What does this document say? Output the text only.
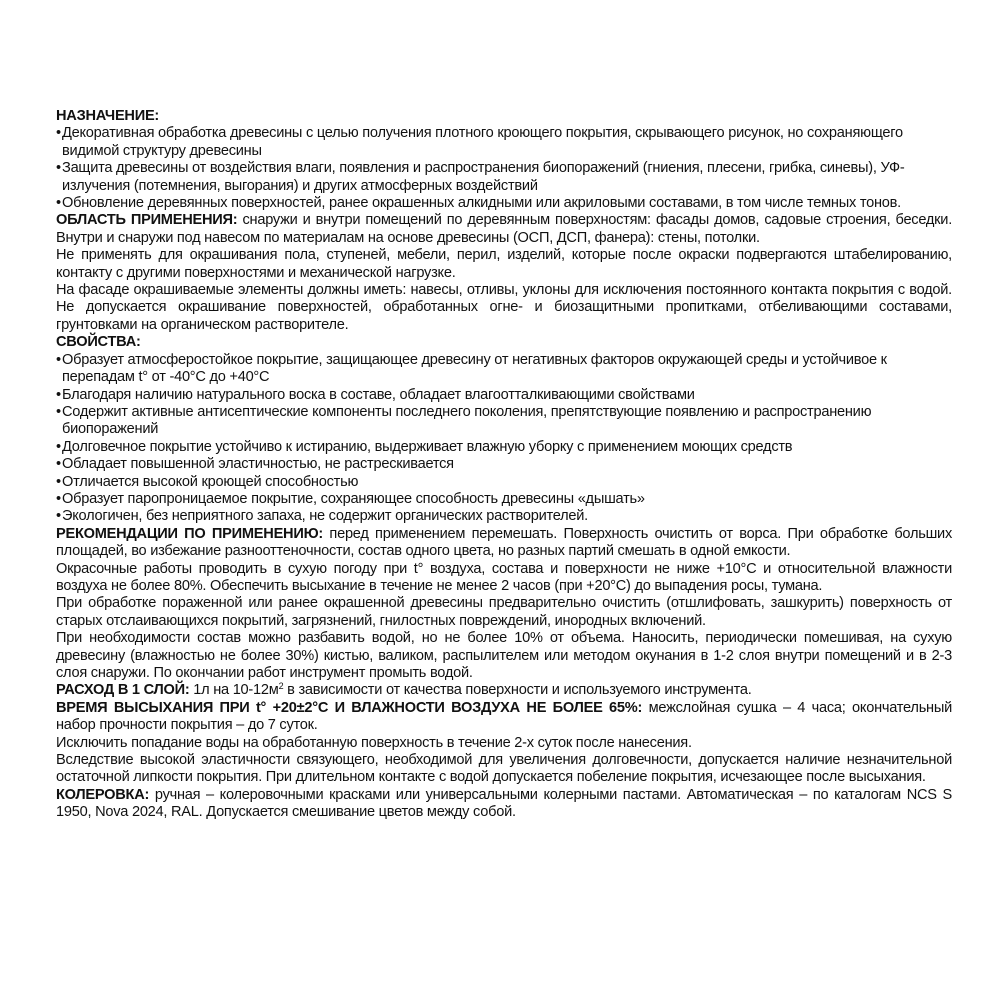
НАЗНАЧЕНИЕ:

• Декоративная обработка древесины с целью получения плотного кроющего покрытия, скрывающего рисунок, но сохраняющего видимой структуру древесины
• Защита древесины от воздействия влаги, появления и распространения биопоражений (гниения, плесени, грибка, синевы), УФ-излучения (потемнения, выгорания) и других атмосферных воздействий
• Обновление деревянных поверхностей, ранее окрашенных алкидными или акриловыми составами, в том числе темных тонов.

ОБЛАСТЬ ПРИМЕНЕНИЯ: снаружи и внутри помещений по деревянным поверхностям: фасады домов, садовые строения, беседки. Внутри и снаружи под навесом по материалам на основе древесины (ОСП, ДСП, фанера): стены, потолки.

Не применять для окрашивания пола, ступеней, мебели, перил, изделий, которые после окраски подвергаются штабелированию, контакту с другими поверхностями и механической нагрузке.

На фасаде окрашиваемые элементы должны иметь: навесы, отливы, уклоны для исключения постоянного контакта покрытия с водой. Не допускается окрашивание поверхностей, обработанных огне- и биозащитными пропитками, отбеливающими составами, грунтовками на органическом растворителе.

СВОЙСТВА:

• Образует атмосферостойкое покрытие, защищающее древесину от негативных факторов окружающей среды и устойчивое к перепадам t° от -40°C до +40°C
• Благодаря наличию натурального воска в составе, обладает влагоотталкивающими свойствами
• Содержит активные антисептические компоненты последнего поколения, препятствующие появлению и распространению биопоражений
• Долговечное покрытие устойчиво к истиранию, выдерживает влажную уборку с применением моющих средств
• Обладает повышенной эластичностью, не растрескивается
• Отличается высокой кроющей способностью
• Образует паропроницаемое покрытие, сохраняющее способность древесины «дышать»
• Экологичен, без неприятного запаха, не содержит органических растворителей.

РЕКОМЕНДАЦИИ ПО ПРИМЕНЕНИЮ: перед применением перемешать. Поверхность очистить от ворса. При обработке больших площадей, во избежание разнооттеночности, состав одного цвета, но разных партий смешать в одной емкости.

Окрасочные работы проводить в сухую погоду при t° воздуха, состава и поверхности не ниже +10°C и относительной влажности воздуха не более 80%. Обеспечить высыхание в течение не менее 2 часов (при +20°C) до выпадения росы, тумана.

При обработке пораженной или ранее окрашенной древесины предварительно очистить (отшлифовать, зашкурить) поверхность от старых отслаивающихся покрытий, загрязнений, гнилостных повреждений, инородных включений.

При необходимости состав можно разбавить водой, но не более 10% от объема. Наносить, периодически помешивая, на сухую древесину (влажностью не более 30%) кистью, валиком, распылителем или методом окунания в 1-2 слоя внутри помещений и в 2-3 слоя снаружи. По окончании работ инструмент промыть водой.

РАСХОД В 1 СЛОЙ: 1л на $10-12м^2$ в зависимости от качества поверхности и используемого инструмента.

ВРЕМЯ ВЫСЫХАНИЯ ПРИ t° +20±2°C И ВЛАЖНОСТИ ВОЗДУХА НЕ БОЛЕЕ 65%: межслойная сушка – 4 часа; окончательный набор прочности покрытия – до 7 суток.

Исключить попадание воды на обработанную поверхность в течение 2-х суток после нанесения.

Вследствие высокой эластичности связующего, необходимой для увеличения долговечности, допускается наличие незначительной остаточной липкости покрытия. При длительном контакте с водой допускается побеление покрытия, исчезающее после высыхания.

КОЛЕРОВКА: ручная – колеровочными красками или универсальными колерными пастами. Автоматическая – по каталогам NCS S 1950, Nova 2024, RAL. Допускается смешивание цветов между собой.
